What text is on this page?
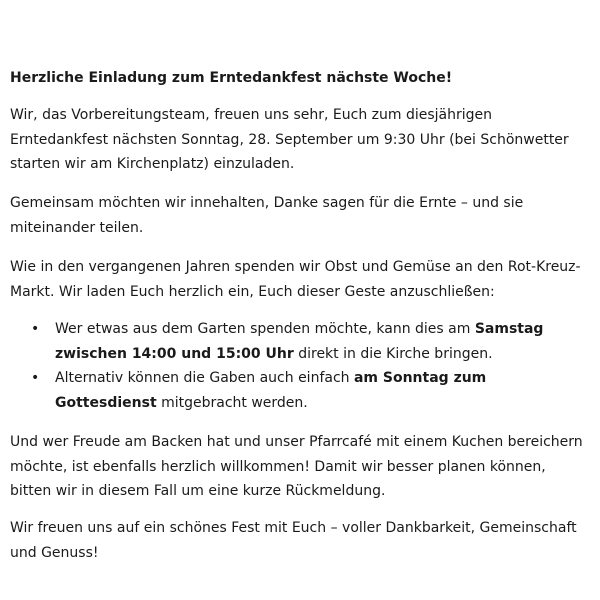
Herzliche Einladung zum Erntedankfest nächste Woche!

Wir, das Vorbereitungsteam, freuen uns sehr, Euch zum diesjährigen Erntedankfest nächsten Sonntag, 28. September um 9:30 Uhr (bei Schönwetter starten wir am Kirchenplatz) einzuladen.

Gemeinsam möchten wir innehalten, Danke sagen für die Ernte – und sie miteinander teilen.

Wie in den vergangenen Jahren spenden wir Obst und Gemüse an den Rot-Kreuz-Markt. Wir laden Euch herzlich ein, Euch dieser Geste anzuschließen:

• Wer etwas aus dem Garten spenden möchte, kann dies am Samstag zwischen 14:00 und 15:00 Uhr direkt in die Kirche bringen.
• Alternativ können die Gaben auch einfach am Sonntag zum Gottesdienst mitgebracht werden.

Und wer Freude am Backen hat und unser Pfarrcafé mit einem Kuchen bereichern möchte, ist ebenfalls herzlich willkommen! Damit wir besser planen können, bitten wir in diesem Fall um eine kurze Rückmeldung.

Wir freuen uns auf ein schönes Fest mit Euch – voller Dankbarkeit, Gemeinschaft und Genuss!
